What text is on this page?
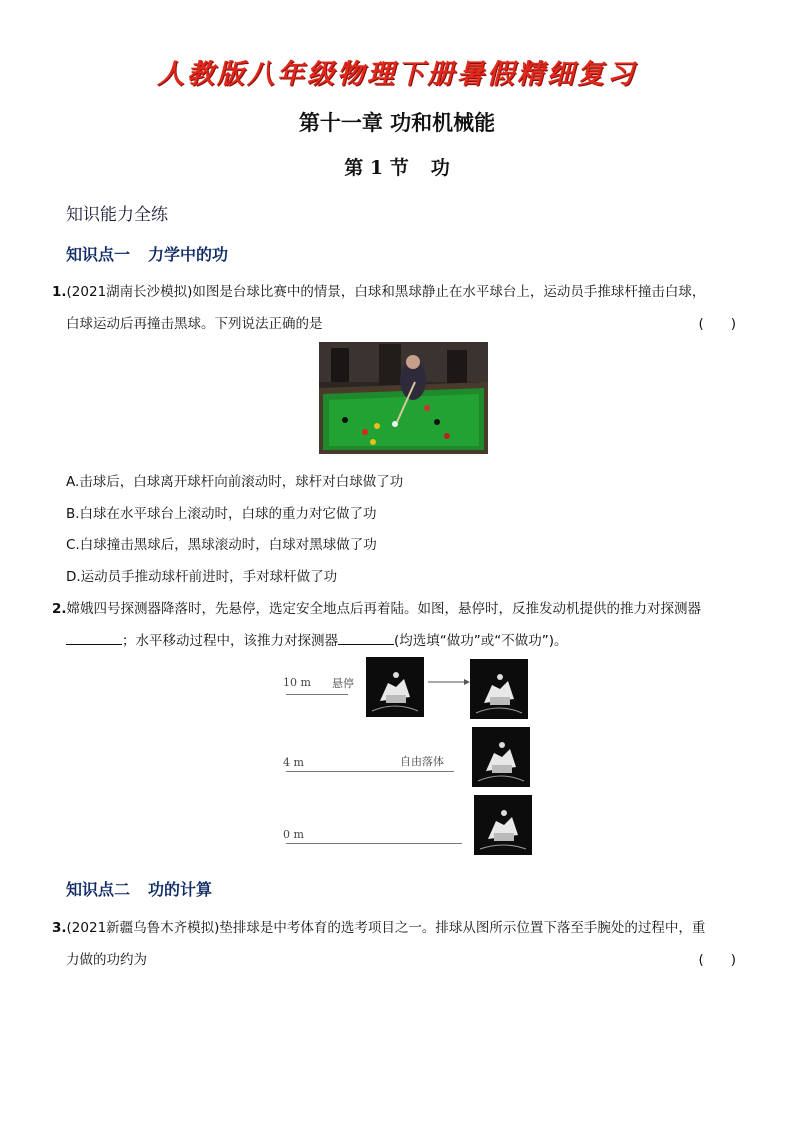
人教版八年级物理下册暑假精细复习
第十一章 功和机械能
第 1 节 功
知识能力全练
知识点一 力学中的功
1.(2021湖南长沙模拟)如图是台球比赛中的情景，白球和黑球静止在水平球台上，运动员手推球杆撞击白球，
白球运动后再撞击黑球。下列说法正确的是	(　　)
A.击球后，白球离开球杆向前滚动时，球杆对白球做了功
B.白球在水平球台上滚动时，白球的重力对它做了功
C.白球撞击黑球后，黑球滚动时，白球对黑球做了功
D.运动员手推动球杆前进时，手对球杆做了功
2.嫦娥四号探测器降落时，先悬停，选定安全地点后再着陆。如图，悬停时，反推发动机提供的推力对探测器
；水平移动过程中，该推力对探测器	(均选填“做功”或“不做功”)。
10 m 悬停
4 m	自由落体
0 m
知识点二 功的计算
3.(2021新疆乌鲁木齐模拟)垫排球是中考体育的选考项目之一。排球从图所示位置下落至手腕处的过程中，重
力做的功约为	(　　)
